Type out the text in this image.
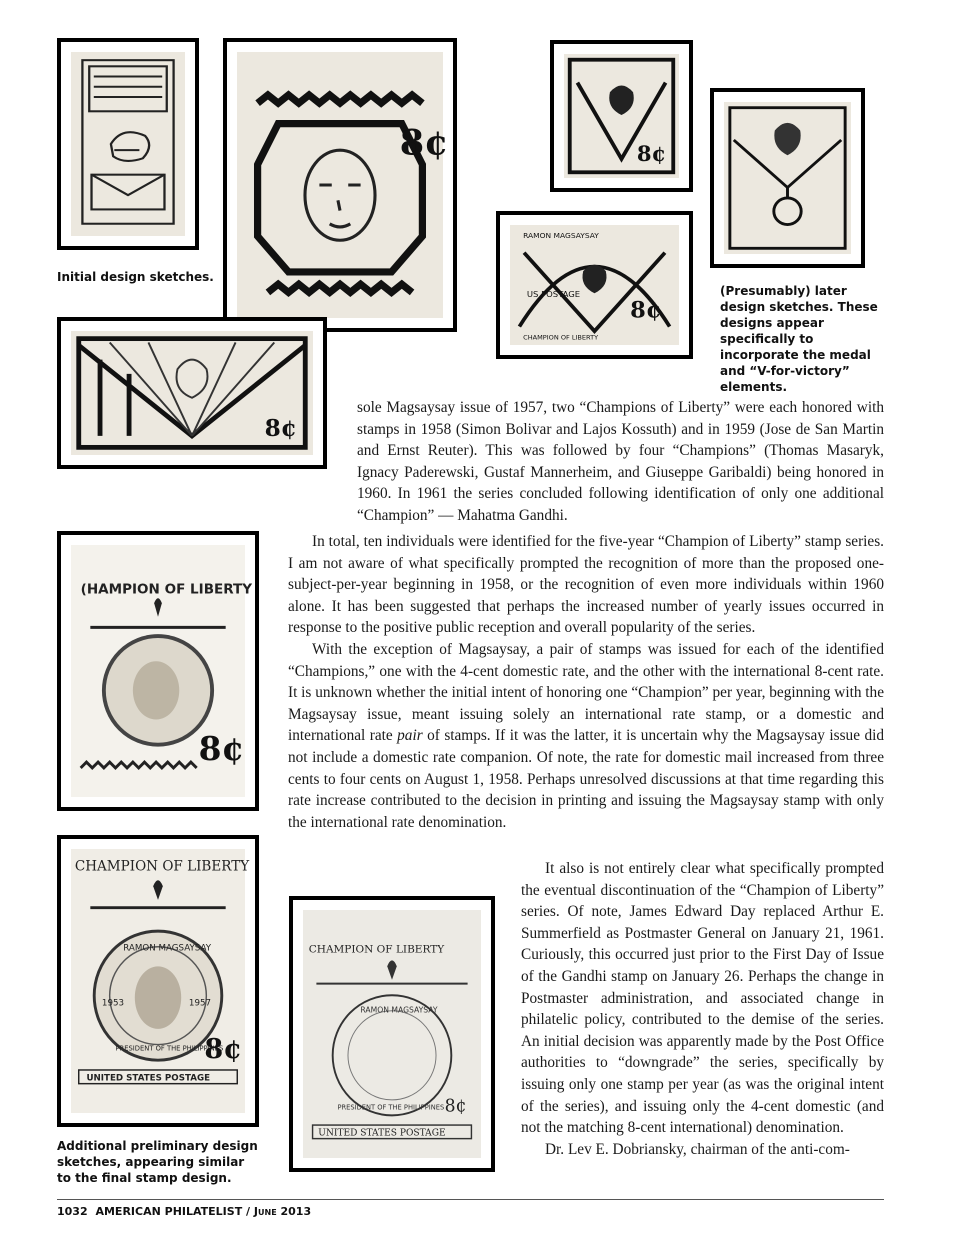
8¢
Initial design sketches.
8¢
8¢
RAMON MAGSAYSAY
US POSTAGE
8¢
CHAMPION OF LIBERTY
(Presumably) later design sketches. These designs appear specifically to incorporate the medal and “V-for-victory” elements.
(HAMPION OF LIBERTY
8¢
CHAMPION OF LIBERTY
RAMON MAGSAYSAY
1953	1957
PRESIDENT OF THE PHILIPPINES
8¢
UNITED STATES POSTAGE
Additional preliminary design sketches, appearing similar to the final stamp design.
CHAMPION OF LIBERTY
RAMON MAGSAYSAY
PRESIDENT OF THE PHILIPPINES 8¢
UNITED STATES POSTAGE

sole Magsaysay issue of 1957, two “Champions of Liberty” were each honored with stamps in 1958 (Simon Bolivar and Lajos Kossuth) and in 1959 (Jose de San Martin and Ernst Reuter). This was followed by four “Champions” (Thomas Masaryk, Ignacy Paderewski, Gustaf Mannerheim, and Giuseppe Garibaldi) being honored in 1960. In 1961 the series concluded following identification of only one additional “Champion” — Mahatma Gandhi.

In total, ten individuals were identified for the five-year “Champion of Liberty” stamp series. I am not aware of what specifically prompted the recognition of more than the proposed one-subject-per-year beginning in 1958, or the recognition of even more individuals within 1960 alone. It has been suggested that perhaps the increased number of yearly issues occurred in response to the positive public reception and overall popularity of the series.

With the exception of Magsaysay, a pair of stamps was issued for each of the identified “Champions,” one with the 4-cent domestic rate, and the other with the international 8-cent rate. It is unknown whether the initial intent of honoring one “Champion” per year, beginning with the Magsaysay issue, meant issuing solely an international rate stamp, or a domestic and international rate pair of stamps. If it was the latter, it is uncertain why the Magsaysay issue did not include a domestic rate companion. Of note, the rate for domestic mail increased from three cents to four cents on August 1, 1958. Perhaps unresolved discussions at that time regarding this rate increase contributed to the decision in printing and issuing the Magsaysay stamp with only the international rate denomination.

It also is not entirely clear what specifically prompted the eventual discontinuation of the “Champion of Liberty” series. Of note, James Edward Day replaced Arthur E. Summerfield as Postmaster General on January 21, 1961. Curiously, this occurred just prior to the First Day of Issue of the Gandhi stamp on January 26. Perhaps the change in Postmaster administration, and associated change in philatelic policy, contributed to the demise of the series. An initial decision was apparently made by the Post Office authorities to “downgrade” the series, specifically by issuing only one stamp per year (as was the original intent of the series), and issuing only the 4-cent domestic (and not the matching 8-cent international) denomination.

Dr. Lev E. Dobriansky, chairman of the anti-com-

1032 AMERICAN PHILATELIST / June 2013
